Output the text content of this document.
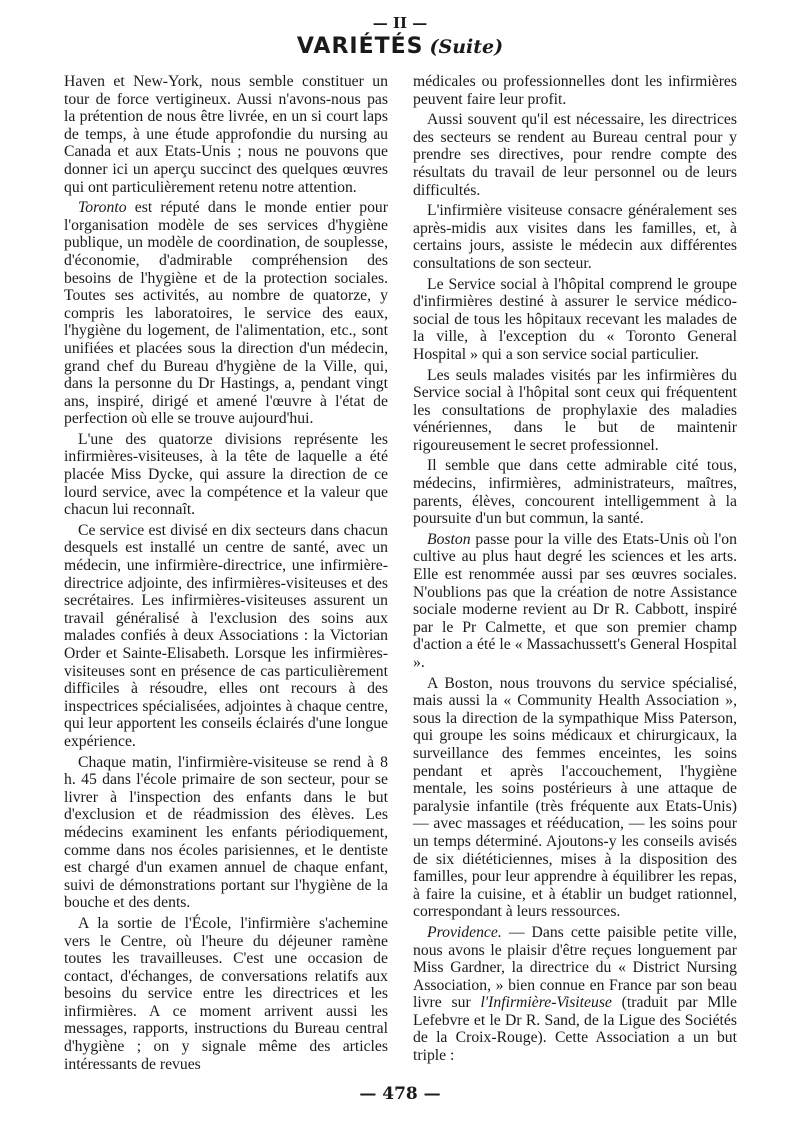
— II —
VARIÉTÉS (Suite)

Haven et New-York, nous semble constituer un tour de force vertigineux. Aussi n'avons-nous pas la prétention de nous être livrée, en un si court laps de temps, à une étude approfondie du nursing au Canada et aux Etats-Unis ; nous ne pouvons que donner ici un aperçu succinct des quelques œuvres qui ont particulièrement retenu notre attention.

Toronto est réputé dans le monde entier pour l'organisation modèle de ses services d'hygiène publique, un modèle de coordination, de souplesse, d'économie, d'admirable compréhension des besoins de l'hygiène et de la protection sociales. Toutes ses activités, au nombre de quatorze, y compris les laboratoires, le service des eaux, l'hygiène du logement, de l'alimentation, etc., sont unifiées et placées sous la direction d'un médecin, grand chef du Bureau d'hygiène de la Ville, qui, dans la personne du Dr Hastings, a, pendant vingt ans, inspiré, dirigé et amené l'œuvre à l'état de perfection où elle se trouve aujourd'hui.

L'une des quatorze divisions représente les infirmières-visiteuses, à la tête de laquelle a été placée Miss Dycke, qui assure la direction de ce lourd service, avec la compétence et la valeur que chacun lui reconnaît.

Ce service est divisé en dix secteurs dans chacun desquels est installé un centre de santé, avec un médecin, une infirmière-directrice, une infirmière-directrice adjointe, des infirmières-visiteuses et des secrétaires. Les infirmières-visiteuses assurent un travail généralisé à l'exclusion des soins aux malades confiés à deux Associations : la Victorian Order et Sainte-Elisabeth. Lorsque les infirmières-visiteuses sont en présence de cas particulièrement difficiles à résoudre, elles ont recours à des inspectrices spécialisées, adjointes à chaque centre, qui leur apportent les conseils éclairés d'une longue expérience.

Chaque matin, l'infirmière-visiteuse se rend à 8 h. 45 dans l'école primaire de son secteur, pour se livrer à l'inspection des enfants dans le but d'exclusion et de réadmission des élèves. Les médecins examinent les enfants périodiquement, comme dans nos écoles parisiennes, et le dentiste est chargé d'un examen annuel de chaque enfant, suivi de démonstrations portant sur l'hygiène de la bouche et des dents.

A la sortie de l'École, l'infirmière s'achemine vers le Centre, où l'heure du déjeuner ramène toutes les travailleuses. C'est une occasion de contact, d'échanges, de conversations relatifs aux besoins du service entre les directrices et les infirmières. A ce moment arrivent aussi les messages, rapports, instructions du Bureau central d'hygiène ; on y signale même des articles intéressants de revues

médicales ou professionnelles dont les infirmières peuvent faire leur profit.

Aussi souvent qu'il est nécessaire, les directrices des secteurs se rendent au Bureau central pour y prendre ses directives, pour rendre compte des résultats du travail de leur personnel ou de leurs difficultés.

L'infirmière visiteuse consacre généralement ses après-midis aux visites dans les familles, et, à certains jours, assiste le médecin aux différentes consultations de son secteur.

Le Service social à l'hôpital comprend le groupe d'infirmières destiné à assurer le service médico-social de tous les hôpitaux recevant les malades de la ville, à l'exception du « Toronto General Hospital » qui a son service social particulier.

Les seuls malades visités par les infirmières du Service social à l'hôpital sont ceux qui fréquentent les consultations de prophylaxie des maladies vénériennes, dans le but de maintenir rigoureusement le secret professionnel.

Il semble que dans cette admirable cité tous, médecins, infirmières, administrateurs, maîtres, parents, élèves, concourent intelligemment à la poursuite d'un but commun, la santé.

Boston passe pour la ville des Etats-Unis où l'on cultive au plus haut degré les sciences et les arts. Elle est renommée aussi par ses œuvres sociales. N'oublions pas que la création de notre Assistance sociale moderne revient au Dr R. Cabbott, inspiré par le Pr Calmette, et que son premier champ d'action a été le « Massachussett's General Hospital ».

A Boston, nous trouvons du service spécialisé, mais aussi la « Community Health Association », sous la direction de la sympathique Miss Paterson, qui groupe les soins médicaux et chirurgicaux, la surveillance des femmes enceintes, les soins pendant et après l'accouchement, l'hygiène mentale, les soins postérieurs à une attaque de paralysie infantile (très fréquente aux Etats-Unis) — avec massages et rééducation, — les soins pour un temps déterminé. Ajoutons-y les conseils avisés de six diététiciennes, mises à la disposition des familles, pour leur apprendre à équilibrer les repas, à faire la cuisine, et à établir un budget rationnel, correspondant à leurs ressources.

Providence. — Dans cette paisible petite ville, nous avons le plaisir d'être reçues longuement par Miss Gardner, la directrice du « District Nursing Association, » bien connue en France par son beau livre sur l'Infirmière-Visiteuse (traduit par Mlle Lefebvre et le Dr R. Sand, de la Ligue des Sociétés de la Croix-Rouge). Cette Association a un but triple :

— 478 —
